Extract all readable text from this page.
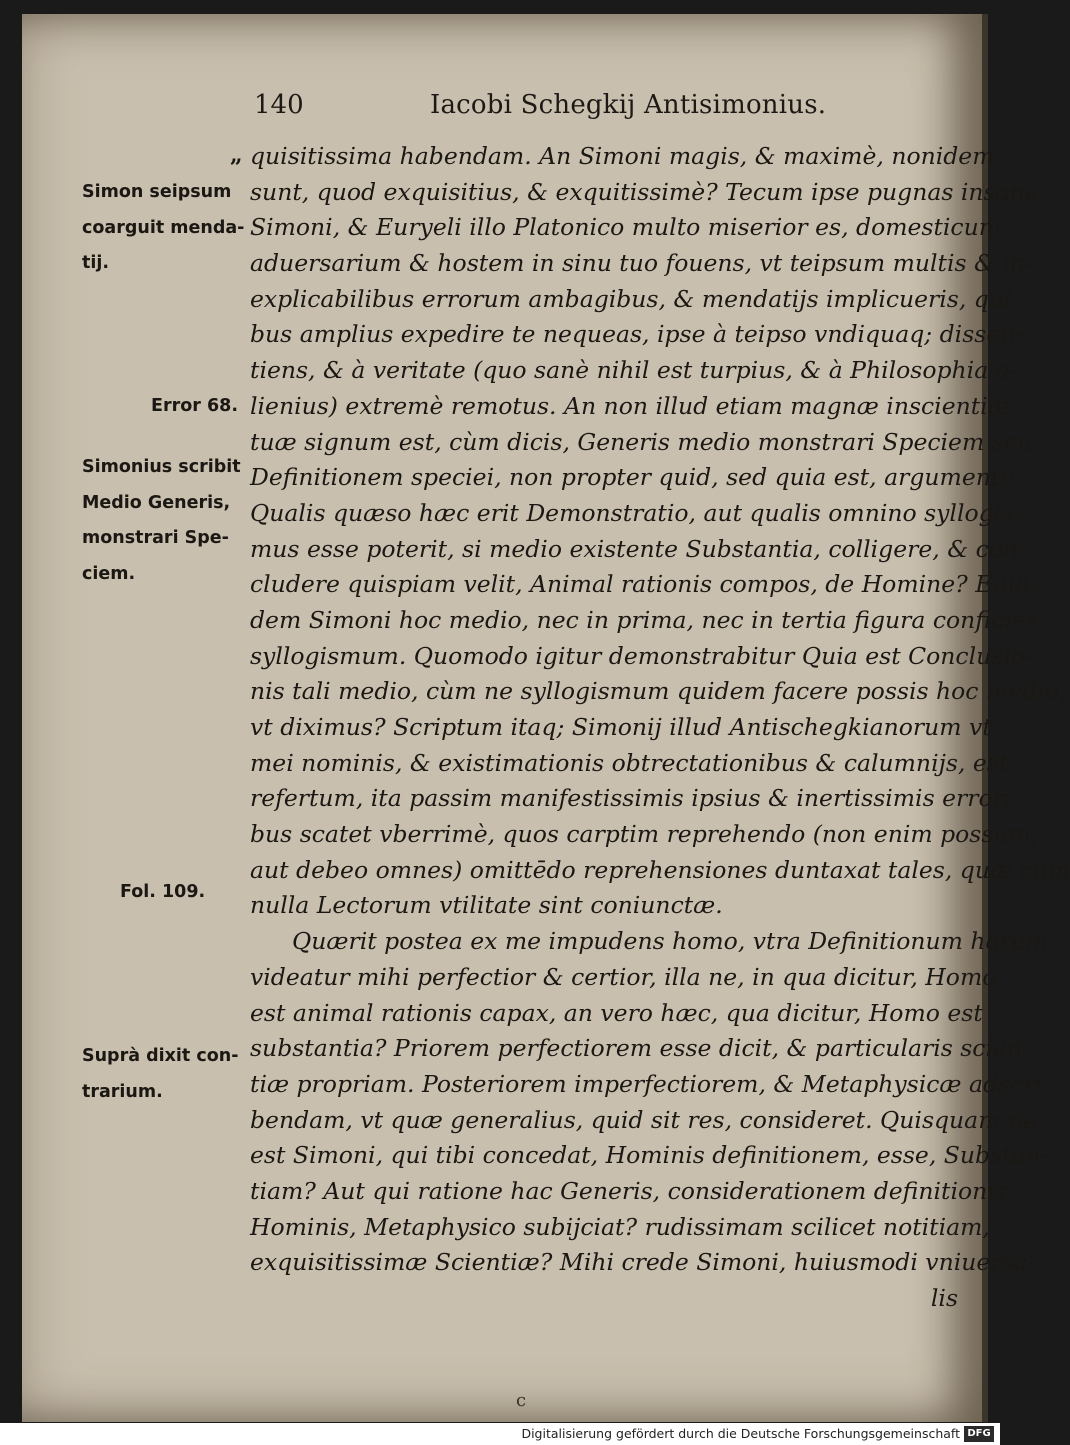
140	Iacobi Schegkij Antisimonius.
„ quisitissima habendam. An Simoni magis, & maximè, nonidem
sunt, quod exquisitius, & exquitissimè? Tecum ipse pugnas insane
Simoni, & Euryeli illo Platonico multo miserior es, domesticum
aduersarium & hostem in sinu tuo fouens, vt teipsum multis & in-
explicabilibus errorum ambagibus, & mendatijs implicueris, qui-
bus amplius expedire te nequeas, ipse à teipso vndiquaq; dissen-
tiens, & à veritate (quo sanè nihil est turpius, & à Philosophia a-
lienius) extremè remotus. An non illud etiam magnæ inscientiæ
tuæ signum est, cùm dicis, Generis medio monstrari Speciem seu
Definitionem speciei, non propter quid, sed quia est, argumento.
Qualis quæso hæc erit Demonstratio, aut qualis omnino syllogis-
mus esse poterit, si medio existente Substantia, colligere, & con-
cludere quispiam velit, Animal rationis compos, de Homine? Equi-
dem Simoni hoc medio, nec in prima, nec in tertia figura conficies
syllogismum. Quomodo igitur demonstrabitur Quia est Conclusio-
nis tali medio, cùm ne syllogismum quidem facere possis hoc medio,
vt diximus? Scriptum itaq; Simonij illud Antischegkianorum vt
mei nominis, & existimationis obtrectationibus & calumnijs, est
refertum, ita passim manifestissimis ipsius & inertissimis errori-
bus scatet vberrimè, quos carptim reprehendo (non enim possum,
aut debeo omnes) omittēdo reprehensiones duntaxat tales, quæ cum
nulla Lectorum vtilitate sint coniunctæ.
Quærit postea ex me impudens homo, vtra Definitionum harum
videatur mihi perfectior & certior, illa ne, in qua dicitur, Homo,
est animal rationis capax, an vero hæc, qua dicitur, Homo est
substantia? Priorem perfectiorem esse dicit, & particularis scien-
tiæ propriam. Posteriorem imperfectiorem, & Metaphysicæ adscri-
bendam, vt quæ generalius, quid sit res, consideret. Quisquam ne
est Simoni, qui tibi concedat, Hominis definitionem, esse, Substan-
tiam? Aut qui ratione hac Generis, considerationem definitionis
Hominis, Metaphysico subijciat? rudissimam scilicet notitiam,
exquisitissimæ Scientiæ? Mihi crede Simoni, huiusmodi vniuersa-
lis
Simon seipsum
coarguit menda-
tij.
Error 68.
Simonius scribit
Medio Generis,
monstrari Spe-
ciem.
Fol. 109.
Suprà dixit con-
trarium.
c
Digitalisierung gefördert durch die Deutsche Forschungsgemeinschaft DFG
